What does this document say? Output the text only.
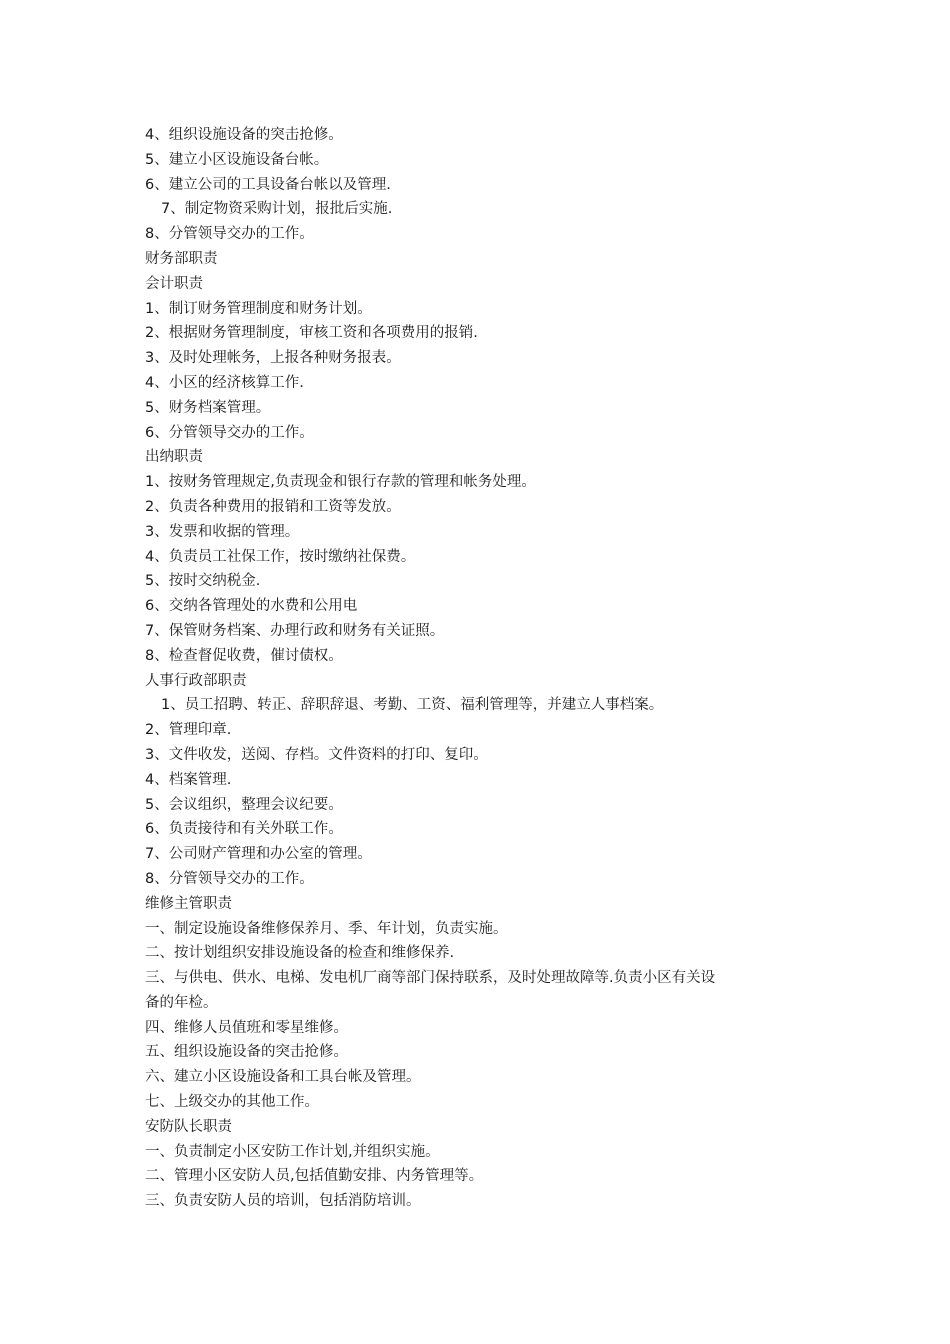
4、组织设施设备的突击抢修。
5、建立小区设施设备台帐。
6、建立公司的工具设备台帐以及管理.
7、制定物资采购计划，报批后实施.
8、分管领导交办的工作。
财务部职责
会计职责
1、制订财务管理制度和财务计划。
2、根据财务管理制度，审核工资和各项费用的报销.
3、及时处理帐务，上报各种财务报表。
4、小区的经济核算工作.
5、财务档案管理。
6、分管领导交办的工作。
出纳职责
1、按财务管理规定,负责现金和银行存款的管理和帐务处理。
2、负责各种费用的报销和工资等发放。
3、发票和收据的管理。
4、负责员工社保工作，按时缴纳社保费。
5、按时交纳税金.
6、交纳各管理处的水费和公用电
7、保管财务档案、办理行政和财务有关证照。
8、检查督促收费，催讨债权。
人事行政部职责
1、员工招聘、转正、辞职辞退、考勤、工资、福利管理等，并建立人事档案。
2、管理印章.
3、文件收发，送阅、存档。文件资料的打印、复印。
4、档案管理.
5、会议组织，整理会议纪要。
6、负责接待和有关外联工作。
7、公司财产管理和办公室的管理。
8、分管领导交办的工作。
维修主管职责
一、制定设施设备维修保养月、季、年计划，负责实施。
二、按计划组织安排设施设备的检查和维修保养.
三、与供电、供水、电梯、发电机厂商等部门保持联系，及时处理故障等.负责小区有关设
备的年检。
四、维修人员值班和零星维修。
五、组织设施设备的突击抢修。
六、建立小区设施设备和工具台帐及管理。
七、上级交办的其他工作。
安防队长职责
一、负责制定小区安防工作计划,并组织实施。
二、管理小区安防人员,包括值勤安排、内务管理等。
三、负责安防人员的培训，包括消防培训。
